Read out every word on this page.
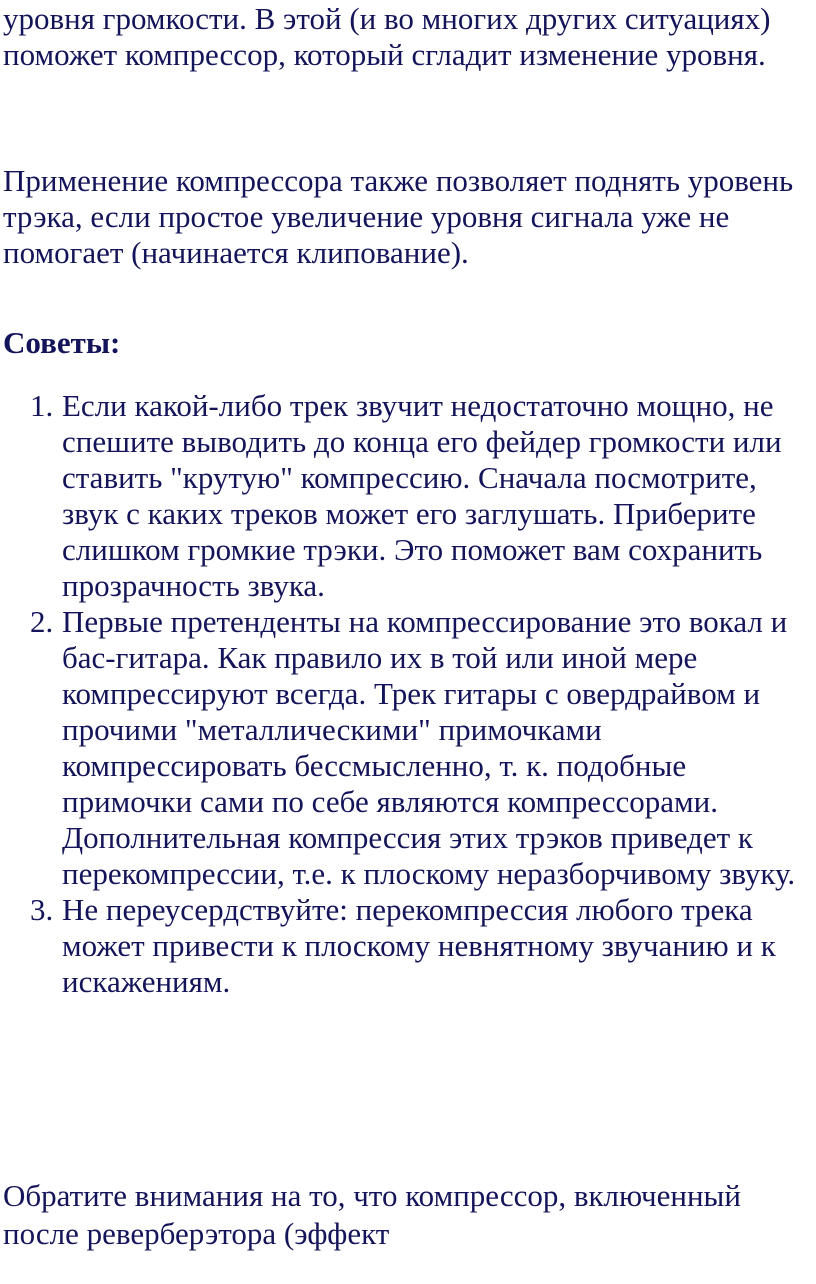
уровня громкости. В этой (и во многих других ситуациях) поможет компрессор, который сгладит изменение уровня.

Применение компрессора также позволяет поднять уровень трэка, если простое увеличение уровня сигнала уже не помогает (начинается клипование).

Советы:
1. Если какой-либо трек звучит недостаточно мощно, не спешите выводить до конца его фейдер громкости или ставить "крутую" компрессию. Сначала посмотрите, звук с каких треков может его заглушать. Приберите слишком громкие трэки. Это поможет вам сохранить прозрачность звука.
2. Первые претенденты на компрессирование это вокал и бас-гитара. Как правило их в той или иной мере компрессируют всегда. Трек гитары с овердрайвом и прочими "металлическими" примочками компрессировать бессмысленно, т. к. подобные примочки сами по себе являются компрессорами. Дополнительная компрессия этих трэков приведет к перекомпрессии, т.е. к плоскому неразборчивому звуку.
3. Не переусердствуйте: перекомпрессия любого трека может привести к плоскому невнятному звучанию и к искажениям.

Обратите внимания на то, что компрессор, включенный после реверберэтора (эффект
